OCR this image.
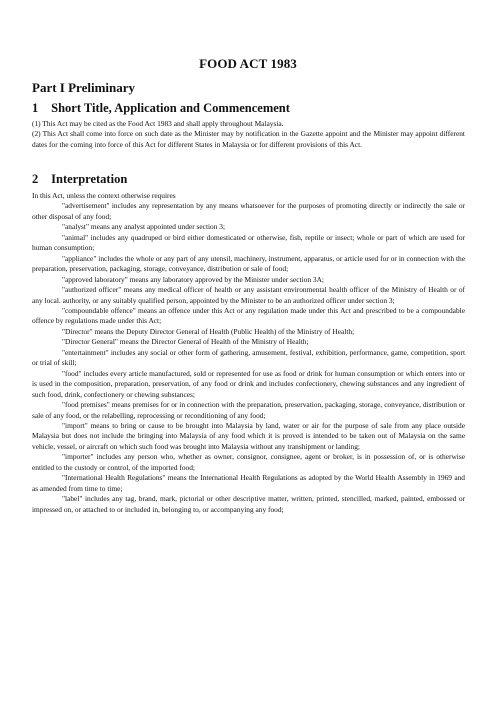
FOOD ACT 1983
Part I Preliminary
1 Short Title, Application and Commencement

(1) This Act may be cited as the Food Act 1983 and shall apply throughout Malaysia.

(2) This Act shall come into force on such date as the Minister may by notification in the Gazette appoint and the Minister may appoint different dates for the coming into force of this Act for different States in Malaysia or for different provisions of this Act.

2 Interpretation

In this Act, unless the context otherwise requires

"advertisement" includes any representation by any means whatsoever for the purposes of promoting directly or indirectly the sale or other disposal of any food;

"analyst" means any analyst appointed under section 3;

"animal" includes any quadruped or bird either domesticated or otherwise, fish, reptile or insect; whole or part of which are used for human consumption;

"appliance" includes the whole or any part of any utensil, machinery, instrument, apparatus, or article used for or in connection with the preparation, preservation, packaging, storage, conveyance, distribution or sale of food;

"approved laboratory" means any laboratory approved by the Minister under section 3A;

"authorized officer" means any medical officer of health or any assistant environmental health officer of the Ministry of Health or of any local. authority, or any suitably qualified person, appointed by the Minister to be an authorized officer under section 3;

"compoundable offence" means an offence under this Act or any regulation made under this Act and prescribed to be a compoundable offence by regulations made under this Act;

"Director" means the Deputy Director General of Health (Public Health) of the Ministry of Health;

"Director General" means the Director General of Health of the Ministry of Health;

"entertainment" includes any social or other form of gathering, amusement, festival, exhibition, performance, game, competition, sport or trial of skill;

"food" includes every article manufactured, sold or represented for use as food or drink for human consumption or which enters into or is used in the composition, preparation, preservation, of any food or drink and includes confectionery, chewing substances and any ingredient of such food, drink, confectionery or chewing substances;

"food premises" means premises for or in connection with the preparation, preservation, packaging, storage, conveyance, distribution or sale of any food, or the relabelling, reprocessing or reconditioning of any food;

"import" means to bring or cause to be brought into Malaysia by land, water or air for the purpose of sale from any place outside Malaysia but does not include the bringing into Malaysia of any food which it is proved is intended to be taken out of Malaysia on the same vehicle, vessel, or aircraft on which such food was brought into Malaysia without any transhipment or landing;

"importer" includes any person who, whether as owner, consignor, consignee, agent or broker, is in possession of, or is otherwise entitled to the custody or control, of the imported food;

"International Health Regulations" means the International Health Regulations as adopted by the World Health Assembly in 1969 and as amended from time to time;

"label" includes any tag, brand, mark, pictorial or other descriptive matter, written, printed, stencilled, marked, painted, embossed or impressed on, or attached to or included in, belonging to, or accompanying any food;
